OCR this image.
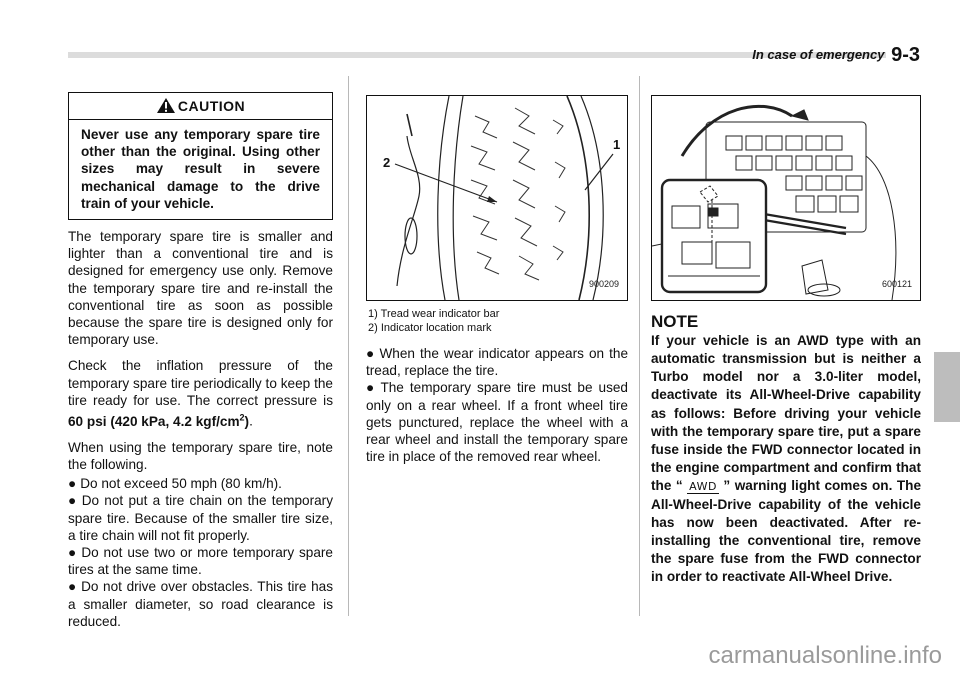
In case of emergency 9-3
CAUTION
Never use any temporary spare tire other than the original. Using other sizes may result in severe mechanical damage to the drive train of your vehicle.

The temporary spare tire is smaller and lighter than a conventional tire and is designed for emergency use only. Remove the temporary spare tire and re-install the conventional tire as soon as possible because the spare tire is designed only for temporary use.

Check the inflation pressure of the temporary spare tire periodically to keep the tire ready for use. The correct pressure is 60 psi (420 kPa, 4.2 kgf/$cm^2$).

When using the temporary spare tire, note the following.

● Do not exceed 50 mph (80 km/h).
● Do not put a tire chain on the temporary spare tire. Because of the smaller tire size, a tire chain will not fit properly.
● Do not use two or more temporary spare tires at the same time.
● Do not drive over obstacles. This tire has a smaller diameter, so road clearance is reduced.
1
2
900209
1) Tread wear indicator bar
2) Indicator location mark
● When the wear indicator appears on the tread, replace the tire.
● The temporary spare tire must be used only on a rear wheel. If a front wheel tire gets punctured, replace the wheel with a rear wheel and install the temporary spare tire in place of the removed rear wheel.
600121
NOTE

If your vehicle is an AWD type with an automatic transmission but is neither a Turbo model nor a 3.0-liter model, deactivate its All-Wheel-Drive capability as follows: Before driving your vehicle with the temporary spare tire, put a spare fuse inside the FWD connector located in the engine compartment and confirm that the “ AWD ” warning light comes on. The All-Wheel-Drive capability of the vehicle has now been deactivated. After re-installing the conventional tire, remove the spare fuse from the FWD connector in order to reactivate All-Wheel Drive.

carmanualsonline.info
